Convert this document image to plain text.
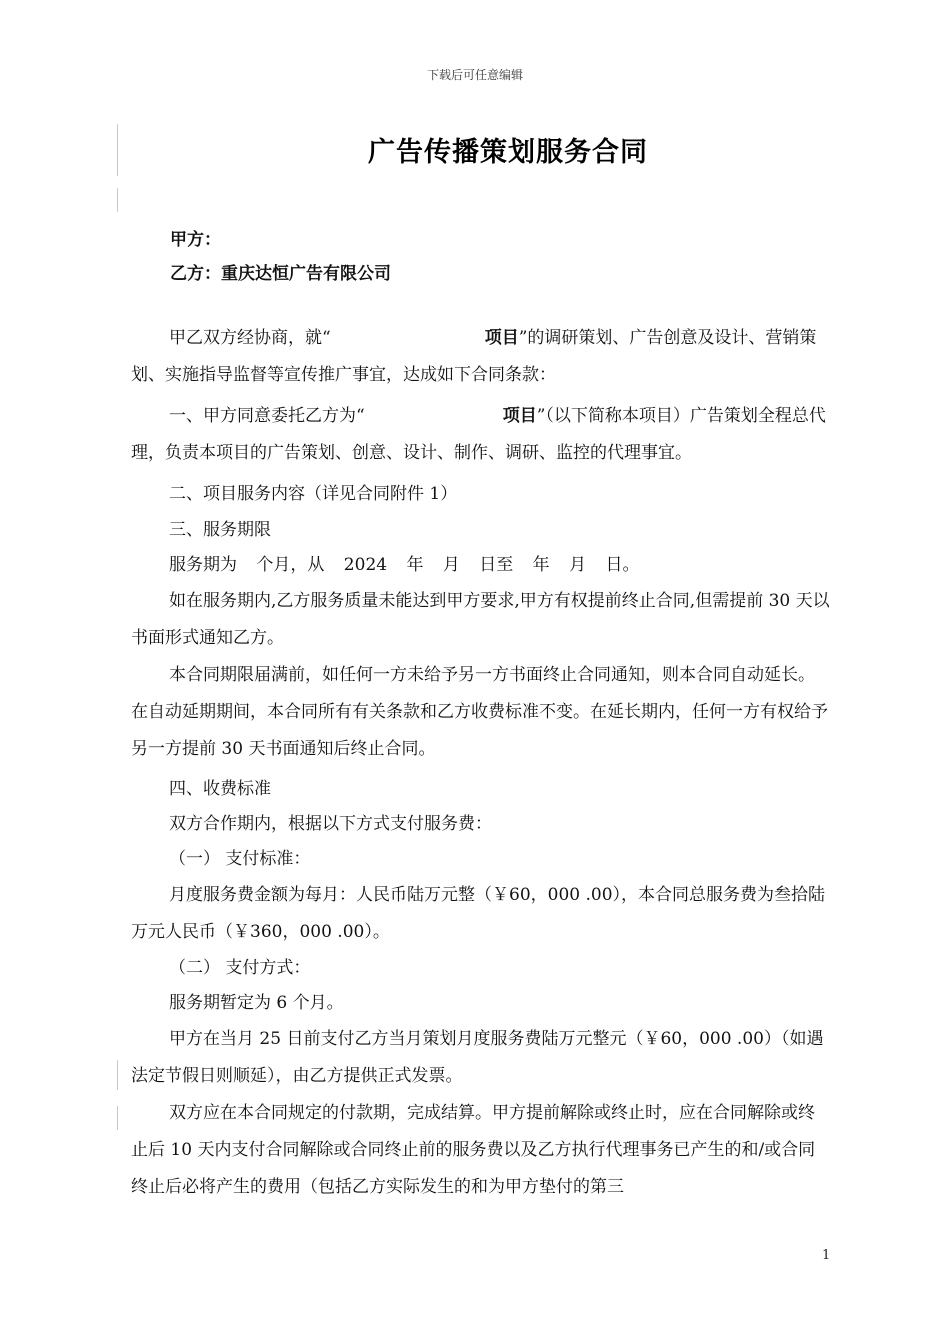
下载后可任意编辑
广告传播策划服务合同
甲方：
乙方：重庆达恒广告有限公司

甲乙双方经协商，就“	项目”的调研策划、广告创意及设计、营销策划、实施指导监督等宣传推广事宜，达成如下合同条款：

一、甲方同意委托乙方为“	项目”（以下简称本项目）广告策划全程总代理，负责本项目的广告策划、创意、设计、制作、调研、监控的代理事宜。

二、项目服务内容（详见合同附件 1）

三、服务期限

服务期为 个月，从 2024 年 月 日至 年 月 日。

如在服务期内,乙方服务质量未能达到甲方要求,甲方有权提前终止合同,但需提前 30 天以书面形式通知乙方。

本合同期限届满前，如任何一方未给予另一方书面终止合同通知，则本合同自动延长。在自动延期期间，本合同所有有关条款和乙方收费标准不变。在延长期内，任何一方有权给予另一方提前 30 天书面通知后终止合同。

四、收费标准

双方合作期内，根据以下方式支付服务费：

（一） 支付标准：

月度服务费金额为每月：人民币陆万元整（￥60，000 .00），本合同总服务费为叁拾陆万元人民币（￥360，000 .00）。

（二） 支付方式：

服务期暂定为 6 个月。

甲方在当月 25 日前支付乙方当月策划月度服务费陆万元整元（￥60，000 .00）（如遇法定节假日则顺延），由乙方提供正式发票。

双方应在本合同规定的付款期，完成结算。甲方提前解除或终止时，应在合同解除或终止后 10 天内支付合同解除或合同终止前的服务费以及乙方执行代理事务已产生的和/或合同终止后必将产生的费用（包括乙方实际发生的和为甲方垫付的第三

1
